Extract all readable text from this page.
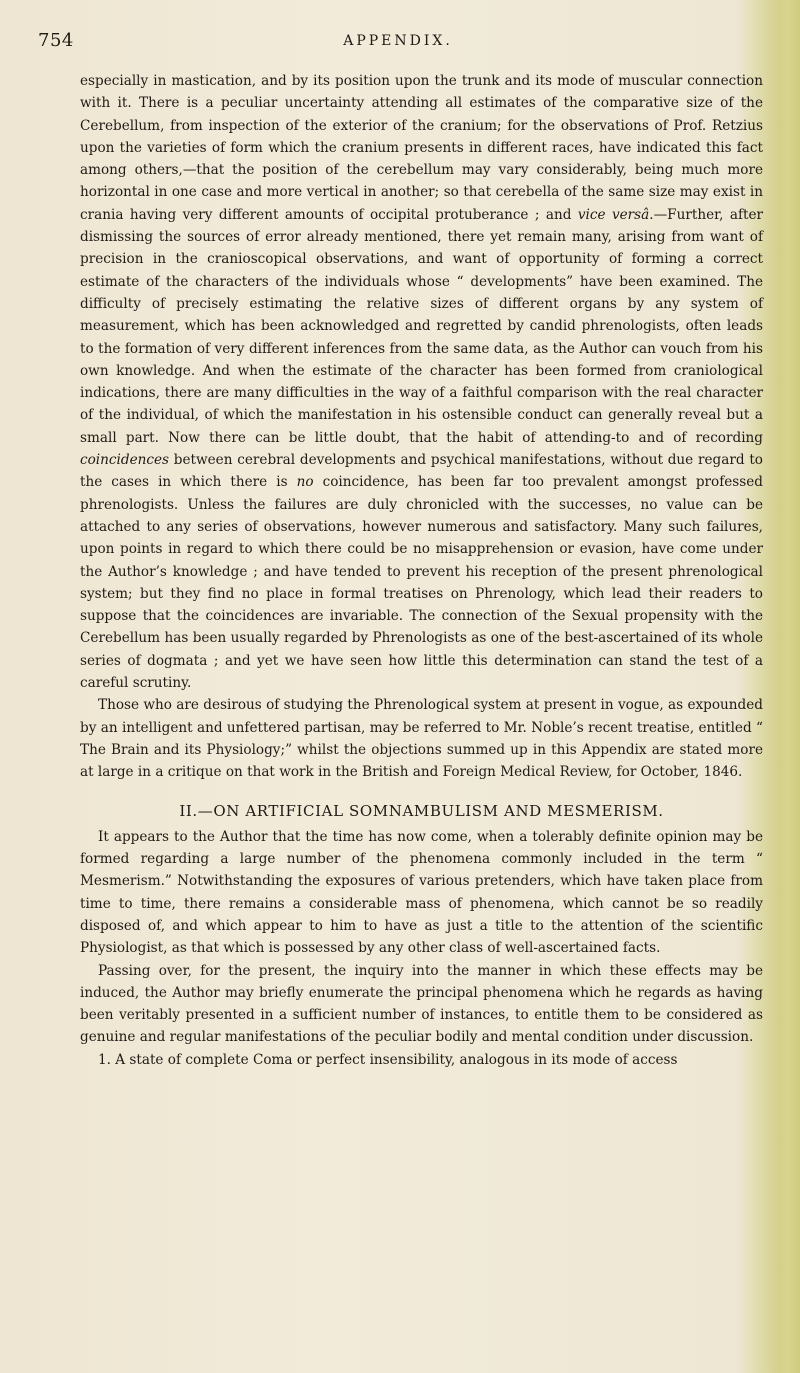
754	APPENDIX.

especially in mastication, and by its position upon the trunk and its mode of muscular connection with it. There is a peculiar uncertainty attending all estimates of the comparative size of the Cerebellum, from inspection of the exterior of the cranium; for the observations of Prof. Retzius upon the varieties of form which the cranium presents in different races, have indicated this fact among others,—that the position of the cerebellum may vary considerably, being much more horizontal in one case and more vertical in another; so that cerebella of the same size may exist in crania having very different amounts of occipital protuberance ; and vice versâ.—Further, after dismissing the sources of error already mentioned, there yet remain many, arising from want of precision in the cranioscopical observations, and want of opportunity of forming a correct estimate of the characters of the individuals whose “ developments” have been examined. The difficulty of precisely estimating the relative sizes of different organs by any system of measurement, which has been acknowledged and regretted by candid phrenologists, often leads to the formation of very different inferences from the same data, as the Author can vouch from his own knowledge. And when the estimate of the character has been formed from craniological indications, there are many difficulties in the way of a faithful comparison with the real character of the individual, of which the manifestation in his ostensible conduct can generally reveal but a small part. Now there can be little doubt, that the habit of attending-to and of recording coincidences between cerebral developments and psychical manifestations, without due regard to the cases in which there is no coincidence, has been far too prevalent amongst professed phrenologists. Unless the failures are duly chronicled with the successes, no value can be attached to any series of observations, however numerous and satisfactory. Many such failures, upon points in regard to which there could be no misapprehension or evasion, have come under the Author’s knowledge ; and have tended to prevent his reception of the present phrenological system; but they find no place in formal treatises on Phrenology, which lead their readers to suppose that the coincidences are invariable. The connection of the Sexual propensity with the Cerebellum has been usually regarded by Phrenologists as one of the best-ascertained of its whole series of dogmata ; and yet we have seen how little this determination can stand the test of a careful scrutiny.

Those who are desirous of studying the Phrenological system at present in vogue, as expounded by an intelligent and unfettered partisan, may be referred to Mr. Noble’s recent treatise, entitled “ The Brain and its Physiology;” whilst the objections summed up in this Appendix are stated more at large in a critique on that work in the British and Foreign Medical Review, for October, 1846.

II.—ON ARTIFICIAL SOMNAMBULISM AND MESMERISM.

It appears to the Author that the time has now come, when a tolerably definite opinion may be formed regarding a large number of the phenomena commonly included in the term “ Mesmerism.” Notwithstanding the exposures of various pretenders, which have taken place from time to time, there remains a considerable mass of phenomena, which cannot be so readily disposed of, and which appear to him to have as just a title to the attention of the scientific Physiologist, as that which is possessed by any other class of well-ascertained facts.

Passing over, for the present, the inquiry into the manner in which these effects may be induced, the Author may briefly enumerate the principal phenomena which he regards as having been veritably presented in a sufficient number of instances, to entitle them to be considered as genuine and regular manifestations of the peculiar bodily and mental condition under discussion.

1. A state of complete Coma or perfect insensibility, analogous in its mode of access
